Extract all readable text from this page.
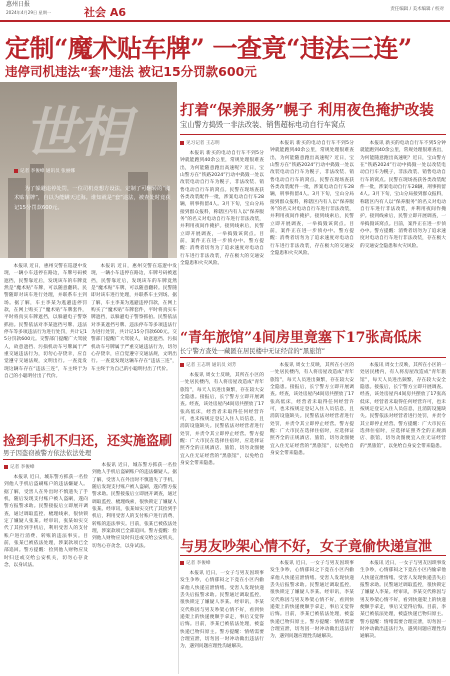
惠州日报
2024年4月29日 星期一	社会 A6	责任编辑 / 美术编辑 / 校对
定制“魔术贴车牌” 一查竟“违法三连”
违停司机违法“套”违法 被记15分罚款600元
世相
记者 李俊峰 通讯员 张丽娜
为了躲避违停处罚，一位司机竟想方设法，定制了可翻转的“魔术贴车牌”，自以为能瞒天过海。谁知就是“套”违法，被查处时竟获记15分罚款600元。

本报讯 近日，惠州交警在巡逻中发现，一辆小车违停在路边，车牌号码被遮挡，民警靠近后，发现该车的车牌竟然是“魔术贴”车牌，可以随意翻转。民警随即对该车进行处理，并联系车主到场。据了解，车主李某为逃避违停罚款，在网上购买了“魔术贴”车牌套件，平时将真实车牌遮挡，以躲避电子警察抓拍。民警依法对李某遮挡号牌、违法停车等多项违法行为进行处罚，共计记15分罚款600元。交警部门提醒广大驾驶人，故意遮挡、污损机动车号牌属于严重交通违法行为，切勿心存侥幸，应自觉遵守交通法规，文明出行。一查竟发现这辆车存在“违法三连”，车主终于为自己的小聪明付出了代价。

本报讯 近日，惠州交警在巡逻中发现，一辆小车违停在路边，车牌号码被遮挡，民警靠近后，发现该车的车牌竟然是“魔术贴”车牌，可以随意翻转。民警随即对该车进行处理，并联系车主到场。据了解，车主李某为逃避违停罚款，在网上购买了“魔术贴”车牌套件，平时将真实车牌遮挡，以躲避电子警察抓拍。民警依法对李某遮挡号牌、违法停车等多项违法行为进行处罚，共计记15分罚款600元。交警部门提醒广大驾驶人，故意遮挡、污损机动车号牌属于严重交通违法行为，切勿心存侥幸，应自觉遵守交通法规，文明出行。一查竟发现这辆车存在“违法三连”，车主终于为自己的小聪明付出了代价。

打着“保养服务”幌子 利用夜色掩护改装
宝山警方捣毁一非法改装、销售超标电动自行车窝点
见习记者 王志明

本报讯 新买的电动自行车不到5分钟就能跑到40余公里，常规处理很难查出，为何能随意跑出高速呢？近日，宝山警方在“铁路2024”行动中捣毁一处以改装电动自行车为幌子，非法改装、销售电动自行车的窝点。民警在现场查获各类改装配件一批，涉案电动自行车28辆，刑事拘留4人。3月下旬，宝山分局接到群众报料，称辖区内有人以“保养服务”的名义对电动自行车进行非法改装，并利用夜间作掩护。接到线索后，民警立即开展调查，一举捣毁该窝点。目前，案件正在进一步侦办中。警方提醒：消费者切勿为了追求速度对电动自行车进行非法改装，存在极大的交通安全隐患和火灾风险。

本报讯 新买的电动自行车不到5分钟就能跑到40余公里，常规处理很难查出，为何能随意跑出高速呢？近日，宝山警方在“铁路2024”行动中捣毁一处以改装电动自行车为幌子，非法改装、销售电动自行车的窝点。民警在现场查获各类改装配件一批，涉案电动自行车28辆，刑事拘留4人。3月下旬，宝山分局接到群众报料，称辖区内有人以“保养服务”的名义对电动自行车进行非法改装，并利用夜间作掩护。接到线索后，民警立即开展调查，一举捣毁该窝点。目前，案件正在进一步侦办中。警方提醒：消费者切勿为了追求速度对电动自行车进行非法改装，存在极大的交通安全隐患和火灾风险。

本报讯 新买的电动自行车不到5分钟就能跑到40余公里，常规处理很难查出，为何能随意跑出高速呢？近日，宝山警方在“铁路2024”行动中捣毁一处以改装电动自行车为幌子，非法改装、销售电动自行车的窝点。民警在现场查获各类改装配件一批，涉案电动自行车28辆，刑事拘留4人。3月下旬，宝山分局接到群众报料，称辖区内有人以“保养服务”的名义对电动自行车进行非法改装，并利用夜间作掩护。接到线索后，民警立即开展调查，一举捣毁该窝点。目前，案件正在进一步侦办中。警方提醒：消费者切勿为了追求速度对电动自行车进行非法改装，存在极大的交通安全隐患和火灾风险。

捡到手机不归还，还实施盗刷
男子因盗窃被警方依法依法处理
记者 李俊峰

本报讯 近日，城东警方抓获一名捡到他人手机后盗刷账户的违法嫌疑人。据了解，受害人在外出时不慎遗失了手机，随后发现支付账户被人盗刷，遂向警方报警求助。民警接报后立即展开调查，通过调取监控、梳理线索，很快锁定了嫌疑人张某。经审讯，张某如实交代了其捡到手机后，利用受害人的支付账户进行消费、转账的违法事实。目前，张某已被依法处理，涉案款项已全部追回。警方提醒：捡到他人财物应及时归还或交给公安机关，切勿心存贪念，以身试法。

本报讯 近日，城东警方抓获一名捡到他人手机后盗刷账户的违法嫌疑人。据了解，受害人在外出时不慎遗失了手机，随后发现支付账户被人盗刷，遂向警方报警求助。民警接报后立即展开调查，通过调取监控、梳理线索，很快锁定了嫌疑人张某。经审讯，张某如实交代了其捡到手机后，利用受害人的支付账户进行消费、转账的违法事实。目前，张某已被依法处理，涉案款项已全部追回。警方提醒：捡到他人财物应及时归还或交给公安机关，切勿心存贪念，以身试法。

“青年旅馆”4间房里竟塞下17张高低床
长宁警方查处一藏匿在居民楼中无证经营的“黑旅馆”
记者 王志明 通讯员 刘芳

本报讯 周女士反映，其所在小区的一处居民楼内，有人将房屋改造成“青年旅馆”，每天人员进出频繁，存在较大安全隐患。接报后，长宁警方立即开展调查。经查，该处房屋内4间房共摆放了17张高低床，经营者未取得任何经营许可，也未按规定登记入住人员信息，且消防设施缺失。民警依法对经营者进行处罚，并责令其立即停止经营。警方提醒：广大市民在选择住宿时，应选择证照齐全的正规酒店、旅馆，切勿贪图便宜入住无证经营的“黑旅馆”，以免给自身安全带来隐患。

本报讯 周女士反映，其所在小区的一处居民楼内，有人将房屋改造成“青年旅馆”，每天人员进出频繁，存在较大安全隐患。接报后，长宁警方立即开展调查。经查，该处房屋内4间房共摆放了17张高低床，经营者未取得任何经营许可，也未按规定登记入住人员信息，且消防设施缺失。民警依法对经营者进行处罚，并责令其立即停止经营。警方提醒：广大市民在选择住宿时，应选择证照齐全的正规酒店、旅馆，切勿贪图便宜入住无证经营的“黑旅馆”，以免给自身安全带来隐患。

本报讯 周女士反映，其所在小区的一处居民楼内，有人将房屋改造成“青年旅馆”，每天人员进出频繁，存在较大安全隐患。接报后，长宁警方立即开展调查。经查，该处房屋内4间房共摆放了17张高低床，经营者未取得任何经营许可，也未按规定登记入住人员信息，且消防设施缺失。民警依法对经营者进行处罚，并责令其立即停止经营。警方提醒：广大市民在选择住宿时，应选择证照齐全的正规酒店、旅馆，切勿贪图便宜入住无证经营的“黑旅馆”，以免给自身安全带来隐患。

与男友吵架心情不好，女子竟偷快递宣泄
记者 李俊峰

本报讯 近日，一女子与男友因琐事发生争吵，心情郁闷之下竟在小区内偷拿他人快递宣泄情绪。受害人发现快递丢失后报警求助。民警通过调取监控，很快锁定了嫌疑人李某。经审讯，李某交代称因与男友吵架心情不好，看到快递架上的快递便顺手拿走，事后又觉得后悔。目前，李某已被依法处理，被盗快递已物归原主。警方提醒：情绪需要合理宣泄，切勿因一时冲动做出违法行为，遇到问题应理性沟通解决。

本报讯 近日，一女子与男友因琐事发生争吵，心情郁闷之下竟在小区内偷拿他人快递宣泄情绪。受害人发现快递丢失后报警求助。民警通过调取监控，很快锁定了嫌疑人李某。经审讯，李某交代称因与男友吵架心情不好，看到快递架上的快递便顺手拿走，事后又觉得后悔。目前，李某已被依法处理，被盗快递已物归原主。警方提醒：情绪需要合理宣泄，切勿因一时冲动做出违法行为，遇到问题应理性沟通解决。

本报讯 近日，一女子与男友因琐事发生争吵，心情郁闷之下竟在小区内偷拿他人快递宣泄情绪。受害人发现快递丢失后报警求助。民警通过调取监控，很快锁定了嫌疑人李某。经审讯，李某交代称因与男友吵架心情不好，看到快递架上的快递便顺手拿走，事后又觉得后悔。目前，李某已被依法处理，被盗快递已物归原主。警方提醒：情绪需要合理宣泄，切勿因一时冲动做出违法行为，遇到问题应理性沟通解决。
